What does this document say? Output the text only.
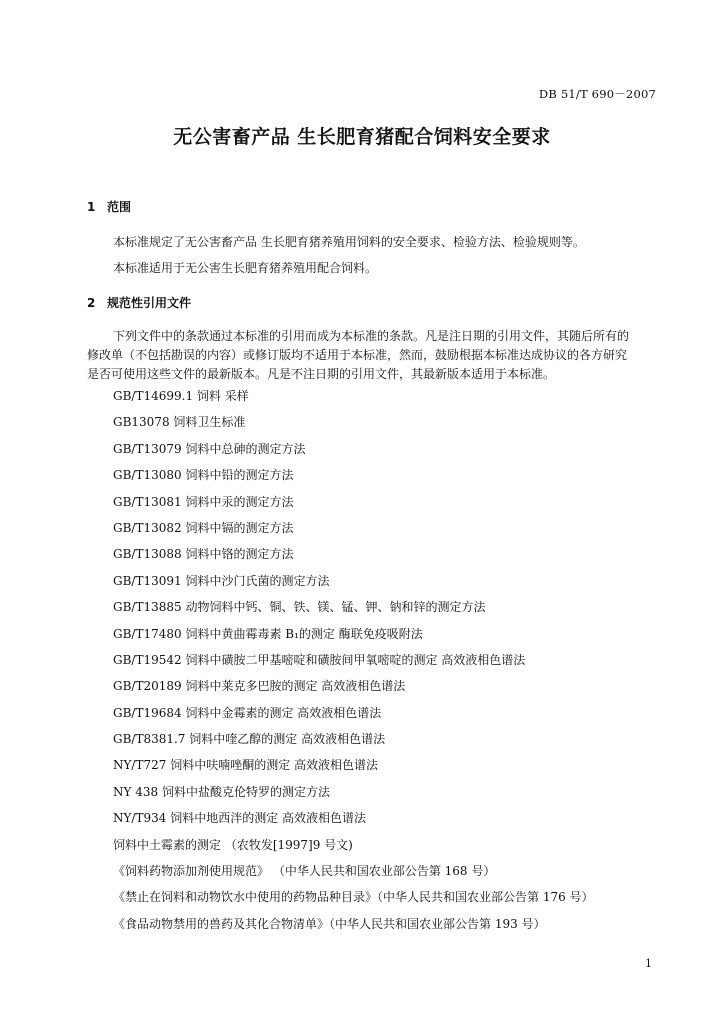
DB 51/T 690－2007
无公害畜产品 生长肥育猪配合饲料安全要求
1 范围
本标准规定了无公害畜产品 生长肥育猪养殖用饲料的安全要求、检验方法、检验规则等。
本标准适用于无公害生长肥育猪养殖用配合饲料。
2 规范性引用文件
下列文件中的条款通过本标准的引用而成为本标准的条款。凡是注日期的引用文件，其随后所有的
修改单（不包括勘误的内容）或修订版均不适用于本标准，然而，鼓励根据本标准达成协议的各方研究
是否可使用这些文件的最新版本。凡是不注日期的引用文件，其最新版本适用于本标准。
GB/T14699.1 饲料 采样
GB13078 饲料卫生标准
GB/T13079 饲料中总砷的测定方法
GB/T13080 饲料中铅的测定方法
GB/T13081 饲料中汞的测定方法
GB/T13082 饲料中镉的测定方法
GB/T13088 饲料中铬的测定方法
GB/T13091 饲料中沙门氏菌的测定方法
GB/T13885 动物饲料中钙、铜、铁、镁、锰、钾、钠和锌的测定方法
GB/T17480 饲料中黄曲霉毒素 B₁的测定 酶联免疫吸附法
GB/T19542 饲料中磺胺二甲基嘧啶和磺胺间甲氧嘧啶的测定 高效液相色谱法
GB/T20189 饲料中莱克多巴胺的测定 高效液相色谱法
GB/T19684 饲料中金霉素的测定 高效液相色谱法
GB/T8381.7 饲料中喹乙醇的测定 高效液相色谱法
NY/T727 饲料中呋喃唑酮的测定 高效液相色谱法
NY 438 饲料中盐酸克伦特罗的测定方法
NY/T934 饲料中地西泮的测定 高效液相色谱法
饲料中土霉素的测定 （农牧发[1997]9 号文)
《饲料药物添加剂使用规范》 （中华人民共和国农业部公告第 168 号）
《禁止在饲料和动物饮水中使用的药物品种目录》（中华人民共和国农业部公告第 176 号）
《食品动物禁用的兽药及其化合物清单》（中华人民共和国农业部公告第 193 号）
1
